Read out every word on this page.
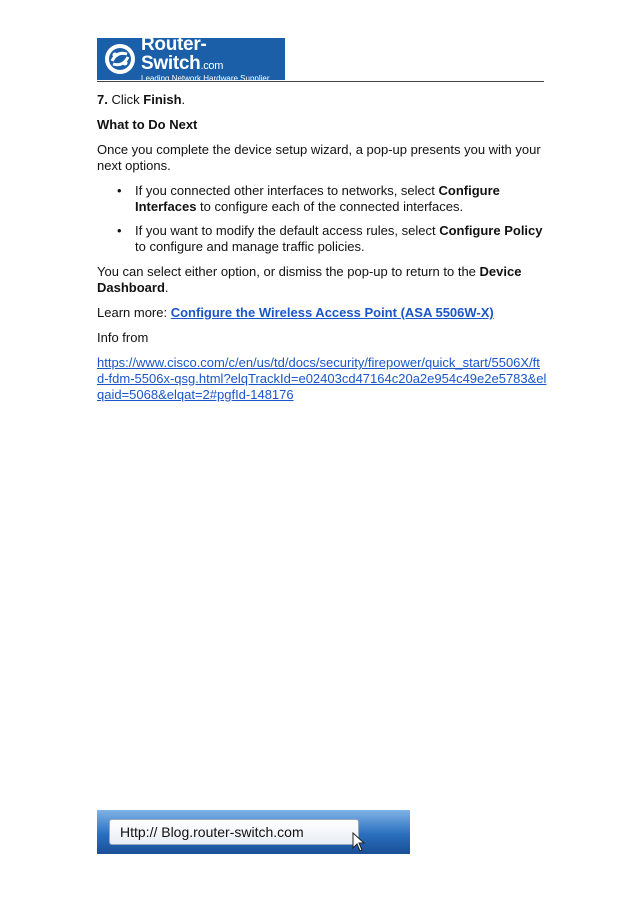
Router-Switch.com
Leading Network Hardware Supplier

7. Click Finish.

What to Do Next

Once you complete the device setup wizard, a pop-up presents you with your next options.

• If you connected other interfaces to networks, select Configure Interfaces to configure each of the connected interfaces.
• If you want to modify the default access rules, select Configure Policy to configure and manage traffic policies.

You can select either option, or dismiss the pop-up to return to the Device Dashboard.

Learn more: Configure the Wireless Access Point (ASA 5506W-X)

Info from

https://www.cisco.com/c/en/us/td/docs/security/firepower/quick_start/5506X/ftd-fdm-5506x-qsg.html?elqTrackId=e02403cd47164c20a2e954c49e2e5783&elqaid=5068&elqat=2#pgfId-148176

Http:// Blog.router-switch.com
